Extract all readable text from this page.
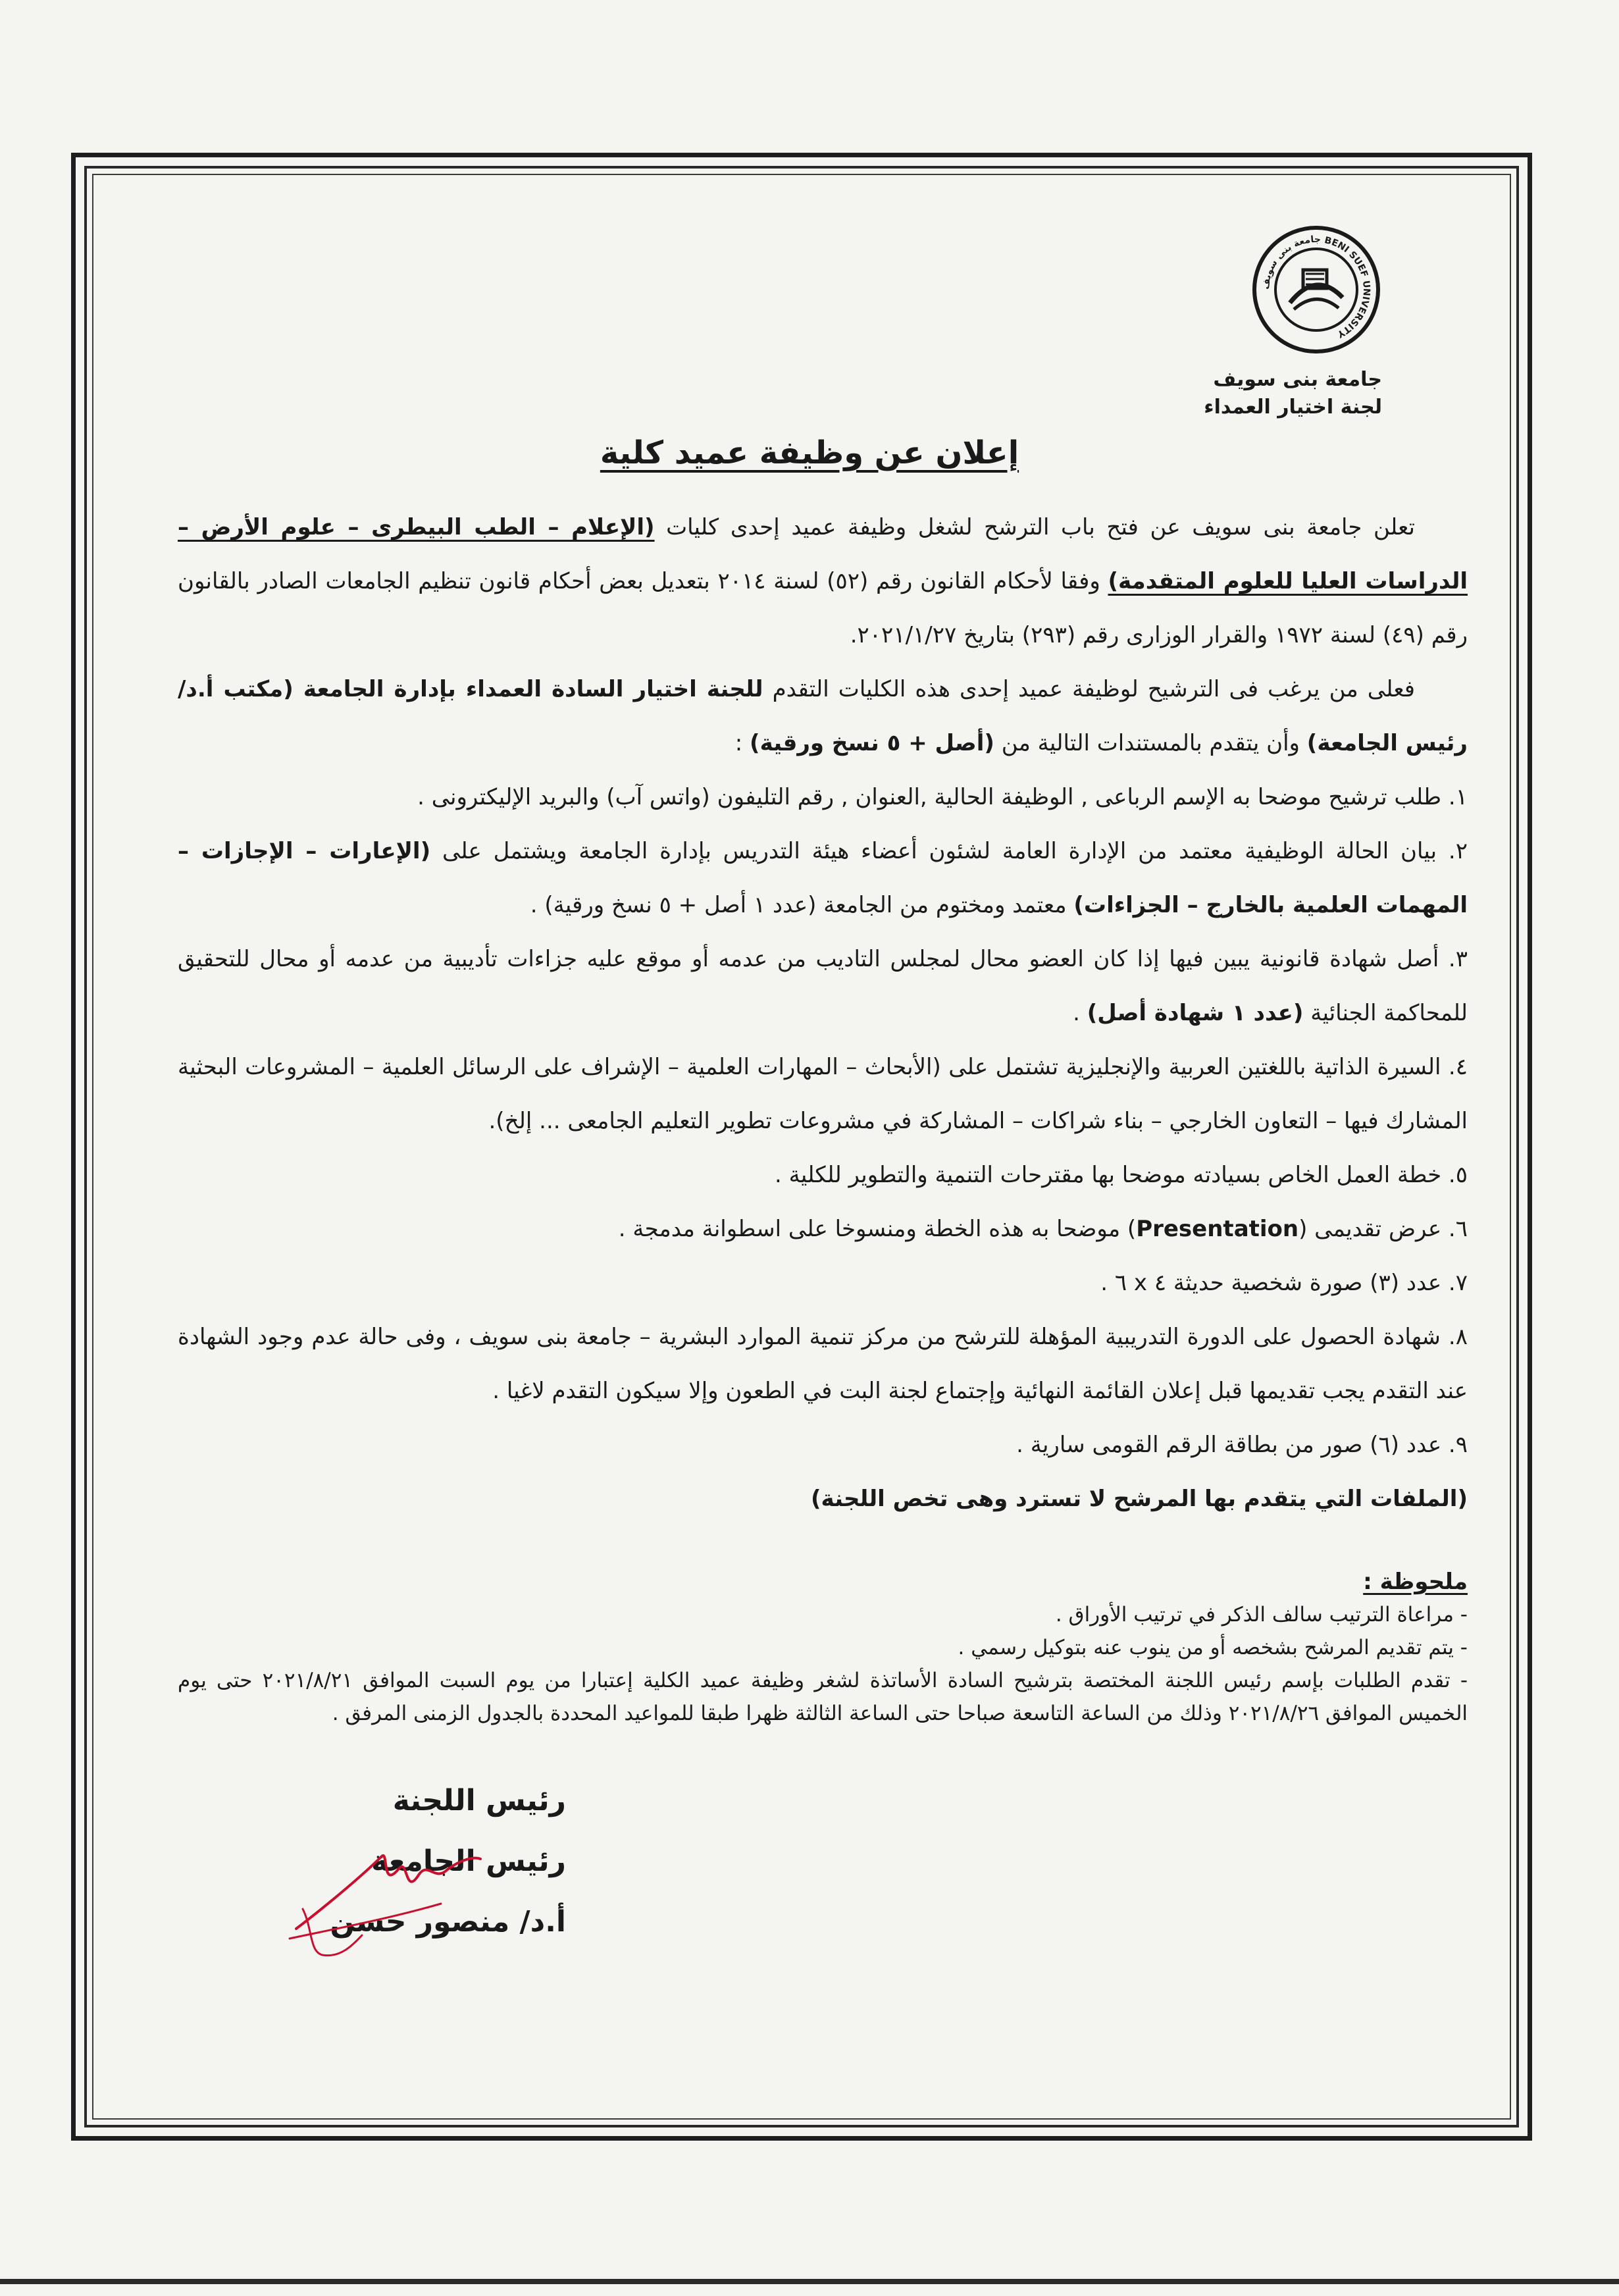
جامعة بنى سويف BENI SUEF UNIVERSITY
جامعة بنى سويف
لجنة اختيار العمداء
إعلان عن وظيفة عميد كلية

تعلن جامعة بنى سويف عن فتح باب الترشح لشغل وظيفة عميد إحدى كليات (الإعلام – الطب البيطرى – علوم الأرض – الدراسات العليا للعلوم المتقدمة) وفقا لأحكام القانون رقم (٥٢) لسنة ٢٠١٤ بتعديل بعض أحكام قانون تنظيم الجامعات الصادر بالقانون رقم (٤٩) لسنة ١٩٧٢ والقرار الوزارى رقم (٢٩٣) بتاريخ ٢٠٢١/١/٢٧.

فعلى من يرغب فى الترشيح لوظيفة عميد إحدى هذه الكليات التقدم للجنة اختيار السادة العمداء بإدارة الجامعة (مكتب أ.د/ رئيس الجامعة) وأن يتقدم بالمستندات التالية من (أصل + ٥ نسخ ورقية) :

١. طلب ترشيح موضحا به الإسم الرباعى , الوظيفة الحالية ,العنوان , رقم التليفون (واتس آب) والبريد الإليكترونى .

٢. بيان الحالة الوظيفية معتمد من الإدارة العامة لشئون أعضاء هيئة التدريس بإدارة الجامعة ويشتمل على (الإعارات – الإجازات – المهمات العلمية بالخارج – الجزاءات) معتمد ومختوم من الجامعة (عدد ١ أصل + ٥ نسخ ورقية) .

٣. أصل شهادة قانونية يبين فيها إذا كان العضو محال لمجلس التاديب من عدمه أو موقع عليه جزاءات تأديبية من عدمه أو محال للتحقيق للمحاكمة الجنائية (عدد ١ شهادة أصل) .

٤. السيرة الذاتية باللغتين العربية والإنجليزية تشتمل على (الأبحاث – المهارات العلمية – الإشراف على الرسائل العلمية – المشروعات البحثية المشارك فيها – التعاون الخارجي – بناء شراكات – المشاركة في مشروعات تطوير التعليم الجامعى ... إلخ).

٥. خطة العمل الخاص بسيادته موضحا بها مقترحات التنمية والتطوير للكلية .

٦. عرض تقديمى (Presentation) موضحا به هذه الخطة ومنسوخا على اسطوانة مدمجة .

٧. عدد (٣) صورة شخصية حديثة ٤ x ٦ .

٨. شهادة الحصول على الدورة التدريبية المؤهلة للترشح من مركز تنمية الموارد البشرية – جامعة بنى سويف ، وفى حالة عدم وجود الشهادة عند التقدم يجب تقديمها قبل إعلان القائمة النهائية وإجتماع لجنة البت في الطعون وإلا سيكون التقدم لاغيا .

٩. عدد (٦) صور من بطاقة الرقم القومى سارية .

(الملفات التي يتقدم بها المرشح لا تسترد وهى تخص اللجنة)

ملحوظة :

- مراعاة الترتيب سالف الذكر في ترتيب الأوراق .

- يتم تقديم المرشح بشخصه أو من ينوب عنه بتوكيل رسمي .

- تقدم الطلبات بإسم رئيس اللجنة المختصة بترشيح السادة الأساتذة لشغر وظيفة عميد الكلية إعتبارا من يوم السبت الموافق ٢٠٢١/٨/٢١ حتى يوم الخميس الموافق ٢٠٢١/٨/٢٦ وذلك من الساعة التاسعة صباحا حتى الساعة الثالثة ظهرا طبقا للمواعيد المحددة بالجدول الزمنى المرفق .

رئيس اللجنة
رئيس الجامعة
أ.د/ منصور حسن
